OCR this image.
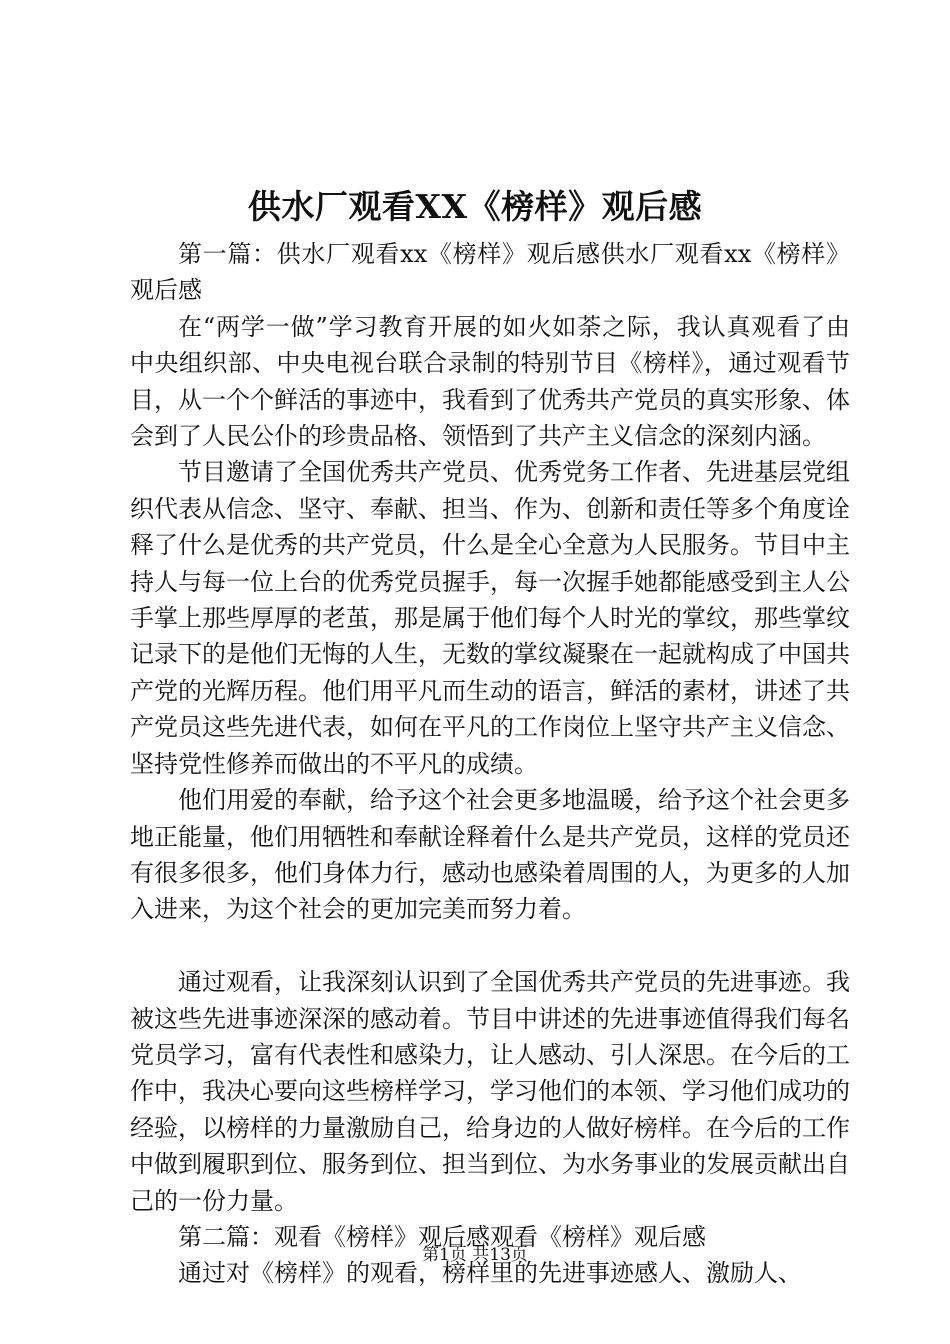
供水厂观看XX《榜样》观后感

第一篇：供水厂观看xx《榜样》观后感供水厂观看xx《榜样》观后感

在“两学一做”学习教育开展的如火如荼之际，我认真观看了由中央组织部、中央电视台联合录制的特别节目《榜样》，通过观看节目，从一个个鲜活的事迹中，我看到了优秀共产党员的真实形象、体会到了人民公仆的珍贵品格、领悟到了共产主义信念的深刻内涵。

节目邀请了全国优秀共产党员、优秀党务工作者、先进基层党组织代表从信念、坚守、奉献、担当、作为、创新和责任等多个角度诠释了什么是优秀的共产党员，什么是全心全意为人民服务。节目中主持人与每一位上台的优秀党员握手，每一次握手她都能感受到主人公手掌上那些厚厚的老茧，那是属于他们每个人时光的掌纹，那些掌纹记录下的是他们无悔的人生，无数的掌纹凝聚在一起就构成了中国共产党的光辉历程。他们用平凡而生动的语言，鲜活的素材，讲述了共产党员这些先进代表，如何在平凡的工作岗位上坚守共产主义信念、坚持党性修养而做出的不平凡的成绩。

他们用爱的奉献，给予这个社会更多地温暖，给予这个社会更多地正能量，他们用牺牲和奉献诠释着什么是共产党员，这样的党员还有很多很多，他们身体力行，感动也感染着周围的人，为更多的人加入进来，为这个社会的更加完美而努力着。

通过观看，让我深刻认识到了全国优秀共产党员的先进事迹。我被这些先进事迹深深的感动着。节目中讲述的先进事迹值得我们每名党员学习，富有代表性和感染力，让人感动、引人深思。在今后的工作中，我决心要向这些榜样学习，学习他们的本领、学习他们成功的经验，以榜样的力量激励自己，给身边的人做好榜样。在今后的工作中做到履职到位、服务到位、担当到位、为水务事业的发展贡献出自己的一份力量。

第二篇：观看《榜样》观后感观看《榜样》观后感

通过对《榜样》的观看，榜样里的先进事迹感人、激励人、

第1页 共13页
